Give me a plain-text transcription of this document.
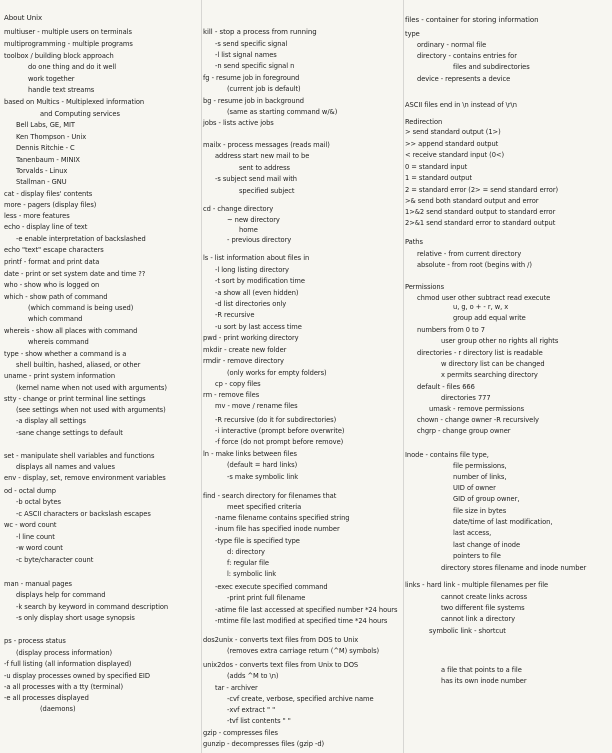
About Unix
multiuser - multiple users on terminals
multiprogramming - multiple programs
toolbox / building block approach
do one thing and do it well
work together
handle text streams
based on Multics - Multiplexed information
and Computing services
Bell Labs, GE, MIT
Ken Thompson - Unix
Dennis Ritchie - C
Tanenbaum - MINIX
Torvalds - Linux
Stallman - GNU
cat - display files' contents
more - pagers (display files)
less - more features
echo - display line of text
-e enable interpretation of backslashed
echo "text" escape characters
printf - format and print data
date - print or set system date and time ??
who - show who is logged on
which - show path of command
(which command is being used)
which command
whereis - show all places with command
whereis command
type - show whether a command is a
shell builtin, hashed, aliased, or other
uname - print system information
(kernel name when not used with arguments)
stty - change or print terminal line settings
(see settings when not used with arguments)
-a display all settings
-sane change settings to default
set - manipulate shell variables and functions
displays all names and values
env - display, set, remove environment variables
od - octal dump
-b octal bytes
-c ASCII characters or backslash escapes
wc - word count
-l line count
-w word count
-c byte/character count
man - manual pages
displays help for command
-k search by keyword in command description
-s only display short usage synopsis
ps - process status
(display process information)
-f full listing (all information displayed)
-u display processes owned by specified EID
-a all processes with a tty (terminal)
-e all processes displayed
(daemons)
kill - stop a process from running
-s send specific signal
-l list signal names
-n send specific signal n
fg - resume job in foreground
(current job is default)
bg - resume job in background
(same as starting command w/&)
jobs - lists active jobs
mailx - process messages (reads mail)
address start new mail to be
sent to address
-s subject send mail with
specified subject
cd - change directory
~ new directory
home
- previous directory
ls - list information about files in
-l long listing directory
-t sort by modification time
-a show all (even hidden)
-d list directories only
-R recursive
-u sort by last access time
pwd - print working directory
mkdir - create new folder
rmdir - remove directory
(only works for empty folders)
cp - copy files
rm - remove files
mv - move / rename files
-R recursive (do it for subdirectories)
-i interactive (prompt before overwrite)
-f force (do not prompt before remove)
ln - make links between files
(default = hard links)
-s make symbolic link
find - search directory for filenames that
meet specified criteria
-name filename contains specified string
-inum file has specified inode number
-type file is specified type
d: directory
f: regular file
l: symbolic link
-exec execute specified command
-print print full filename
-atime file last accessed at specified number *24 hours
-mtime file last modified at specified time *24 hours
dos2unix - converts text files from DOS to Unix
(removes extra carriage return (^M) symbols)
unix2dos - converts text files from Unix to DOS
(adds ^M to \n)
tar - archiver
-cvf create, verbose, specified archive name
-xvf extract " "
-tvf list contents " "
gzip - compresses files
gunzip - decompresses files (gzip -d)
files - container for storing information
type
ordinary - normal file
directory - contains entries for
files and subdirectories
device - represents a device
ASCII files end in \n instead of \r\n
Redirection
> send standard output (1>)
>> append standard output
< receive standard input (0<)
0 = standard input
1 = standard output
2 = standard error (2> = send standard error)
>& send both standard output and error
1>&2 send standard output to standard error
2>&1 send standard error to standard output
Paths
relative - from current directory
absolute - from root (begins with /)
Permissions
chmod user other subtract read execute
u, g, o + - r, w, x
group add equal write
numbers from 0 to 7
user group other no rights all rights
directories - r directory list is readable
w directory list can be changed
x permits searching directory
default - files 666
directories 777
umask - remove permissions
chown - change owner -R recursively
chgrp - change group owner
Inode - contains file type,
file permissions,
number of links,
UID of owner
GID of group owner,
file size in bytes
date/time of last modification,
last access,
last change of inode
pointers to file
directory stores filename and inode number
links - hard link - multiple filenames per file
cannot create links across
two different file systems
cannot link a directory
symbolic link - shortcut
a file that points to a file
has its own inode number
